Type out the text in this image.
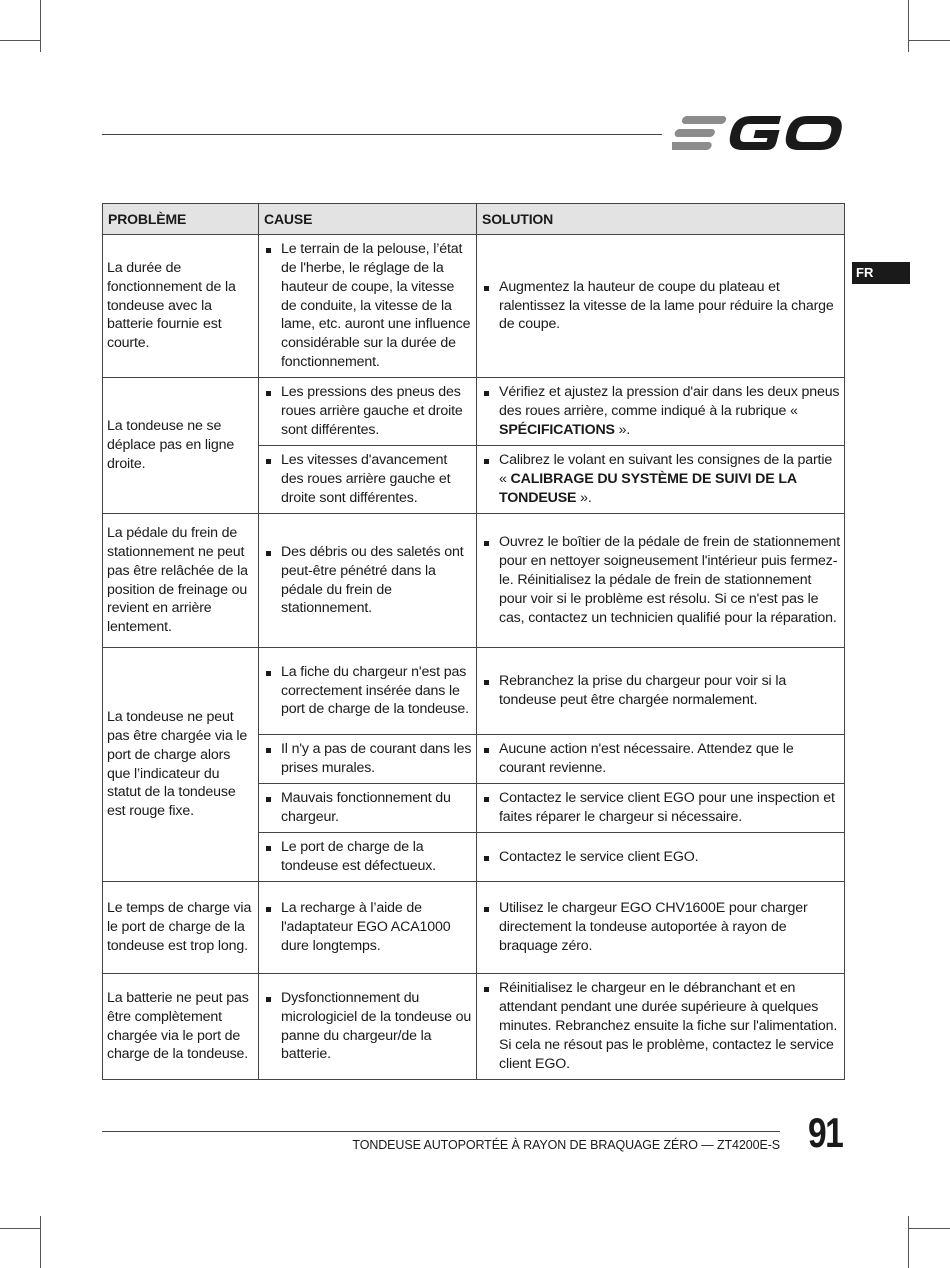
FR
PROBLÈME	CAUSE	SOLUTION
La durée de fonctionnement de la tondeuse avec la batterie fournie est courte.	Le terrain de la pelouse, l’état de l'herbe, le réglage de la hauteur de coupe, la vitesse de conduite, la vitesse de la lame, etc. auront une influence considérable sur la durée de fonctionnement.	Augmentez la hauteur de coupe du plateau et ralentissez la vitesse de la lame pour réduire la charge de coupe.

La tondeuse ne se déplace pas en ligne droite.	Les pressions des pneus des roues arrière gauche et droite sont différentes.	Vérifiez et ajustez la pression d'air dans les deux pneus des roues arrière, comme indiqué à la rubrique « SPÉCIFICATIONS ».

	Les vitesses d'avancement des roues arrière gauche et droite sont différentes.	Calibrez le volant en suivant les consignes de la partie « CALIBRAGE DU SYSTÈME DE SUIVI DE LA TONDEUSE ».

La pédale du frein de stationnement ne peut pas être relâchée de la position de freinage ou revient en arrière lentement.	Des débris ou des saletés ont peut-être pénétré dans la pédale du frein de stationnement.	Ouvrez le boîtier de la pédale de frein de stationnement pour en nettoyer soigneusement l'intérieur puis fermez-le. Réinitialisez la pédale de frein de stationnement pour voir si le problème est résolu. Si ce n'est pas le cas, contactez un technicien qualifié pour la réparation.

La tondeuse ne peut pas être chargée via le port de charge alors que l’indicateur du statut de la tondeuse est rouge fixe.	La fiche du chargeur n'est pas correctement insérée dans le port de charge de la tondeuse.	Rebranchez la prise du chargeur pour voir si la tondeuse peut être chargée normalement.

	Il n'y a pas de courant dans les prises murales.	Aucune action n'est nécessaire. Attendez que le courant revienne.

	Mauvais fonctionnement du chargeur.	Contactez le service client EGO pour une inspection et faites réparer le chargeur si nécessaire.

	Le port de charge de la tondeuse est défectueux.	Contactez le service client EGO.

Le temps de charge via le port de charge de la tondeuse est trop long.	La recharge à l’aide de l'adaptateur EGO ACA1000 dure longtemps.	Utilisez le chargeur EGO CHV1600E pour charger directement la tondeuse autoportée à rayon de braquage zéro.

La batterie ne peut pas être complètement chargée via le port de charge de la tondeuse.	Dysfonctionnement du micrologiciel de la tondeuse ou panne du chargeur/de la batterie.	Réinitialisez le chargeur en le débranchant et en attendant pendant une durée supérieure à quelques minutes. Rebranchez ensuite la fiche sur l'alimentation. Si cela ne résout pas le problème, contactez le service client EGO.
TONDEUSE AUTOPORTÉE À RAYON DE BRAQUAGE ZÉRO — ZT4200E-S 91
